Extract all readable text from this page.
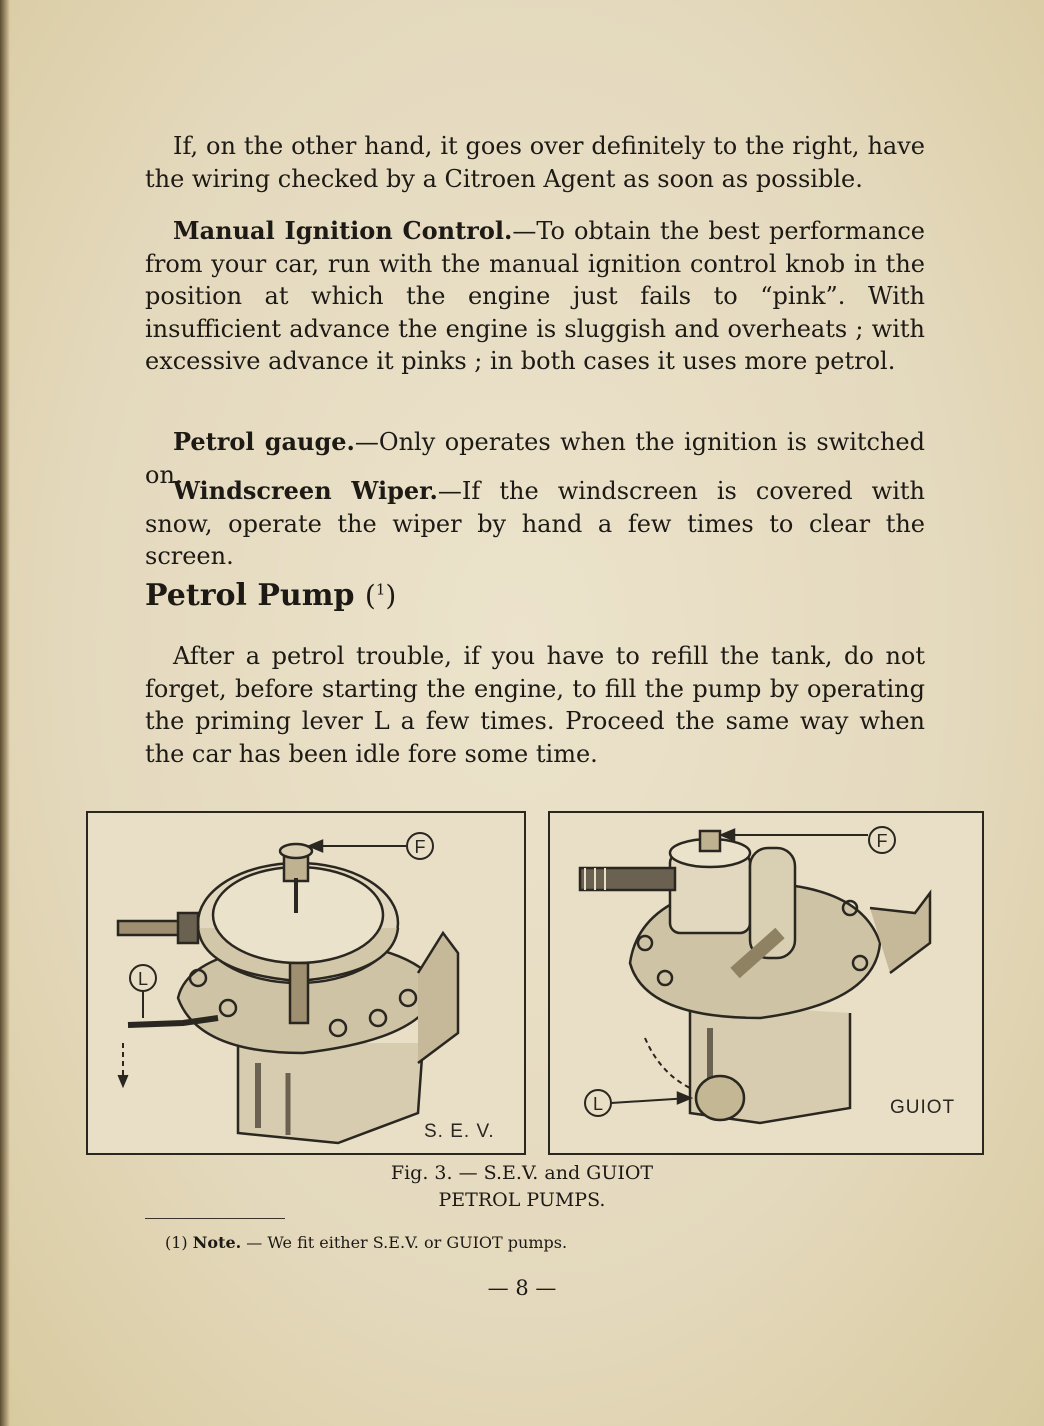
If, on the other hand, it goes over definitely to the right, have the wiring checked by a Citroen Agent as soon as possible.

Manual Ignition Control.—To obtain the best performance from your car, run with the manual ignition control knob in the position at which the engine just fails to “pink”. With insufficient advance the engine is sluggish and overheats ; with excessive advance it pinks ; in both cases it uses more petrol.

Petrol gauge.—Only operates when the ignition is switched on.

Windscreen Wiper.—If the windscreen is covered with snow, operate the wiper by hand a few times to clear the screen.

Petrol Pump ($^1$)

After a petrol trouble, if you have to refill the tank, do not forget, before starting the engine, to fill the pump by operating the priming lever L a few times. Proceed the same way when the car has been idle fore some time.

F
L
S. E. V.
F
L	GUIOT
Fig. 3. — S.E.V. and GUIOT
PETROL PUMPS.
(1) Note. — We fit either S.E.V. or GUIOT pumps.
— 8 —
